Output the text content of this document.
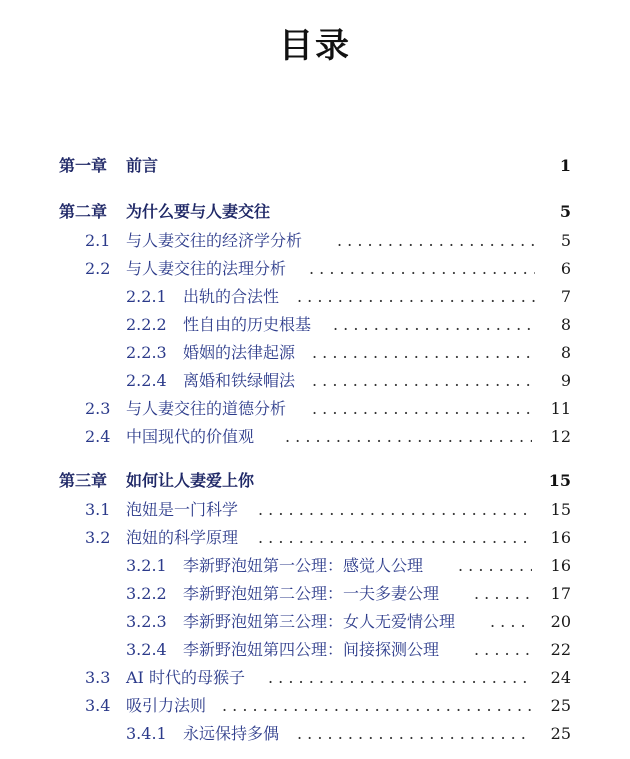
目录
第一章 前言	1
第二章 为什么要与人妻交往	5
2.1 与人妻交往的经济学分析 . . .	5
2.2 与人妻交往的法理分析 . . .	6
2.2.1 出轨的合法性 . . .	7
2.2.2 性自由的历史根基 . . .	8
2.2.3 婚姻的法律起源 . . .	8
2.2.4 离婚和铁绿帽法 . . .	9
2.3 与人妻交往的道德分析 . . .	11
2.4 中国现代的价值观 . . .	12
第三章 如何让人妻爱上你	15
3.1 泡妞是一门科学 . . .	15
3.2 泡妞的科学原理 . . .	16
3.2.1 李新野泡妞第一公理：感觉人公理 . . .	16
3.2.2 李新野泡妞第二公理：一夫多妻公理 . . .	17
3.2.3 李新野泡妞第三公理：女人无爱情公理 . . .	20
3.2.4 李新野泡妞第四公理：间接探测公理 . . .	22
3.3 AI 时代的母猴子 . . .	24
3.4 吸引力法则 . . .	25
3.4.1 永远保持多偶 . . .	25
